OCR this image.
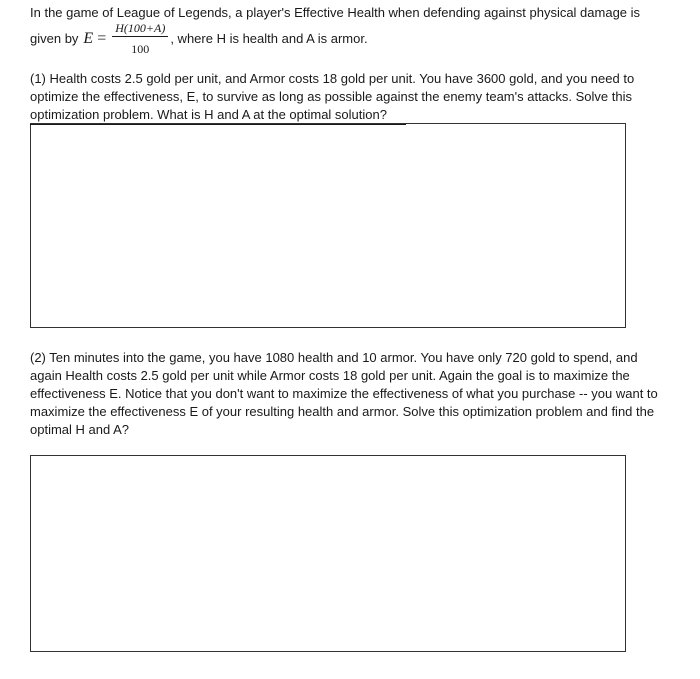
In the game of League of Legends, a player's Effective Health when defending against physical damage is

given by $E = \frac{H(100+A)}{100}$ , where H is health and A is armor.

(1) Health costs 2.5 gold per unit, and Armor costs 18 gold per unit. You have 3600 gold, and you need to optimize the effectiveness, E, to survive as long as possible against the enemy team's attacks. Solve this optimization problem. What is H and A at the optimal solution?

(2) Ten minutes into the game, you have 1080 health and 10 armor. You have only 720 gold to spend, and again Health costs 2.5 gold per unit while Armor costs 18 gold per unit. Again the goal is to maximize the effectiveness E. Notice that you don't want to maximize the effectiveness of what you purchase -- you want to maximize the effectiveness E of your resulting health and armor. Solve this optimization problem and find the optimal H and A?
